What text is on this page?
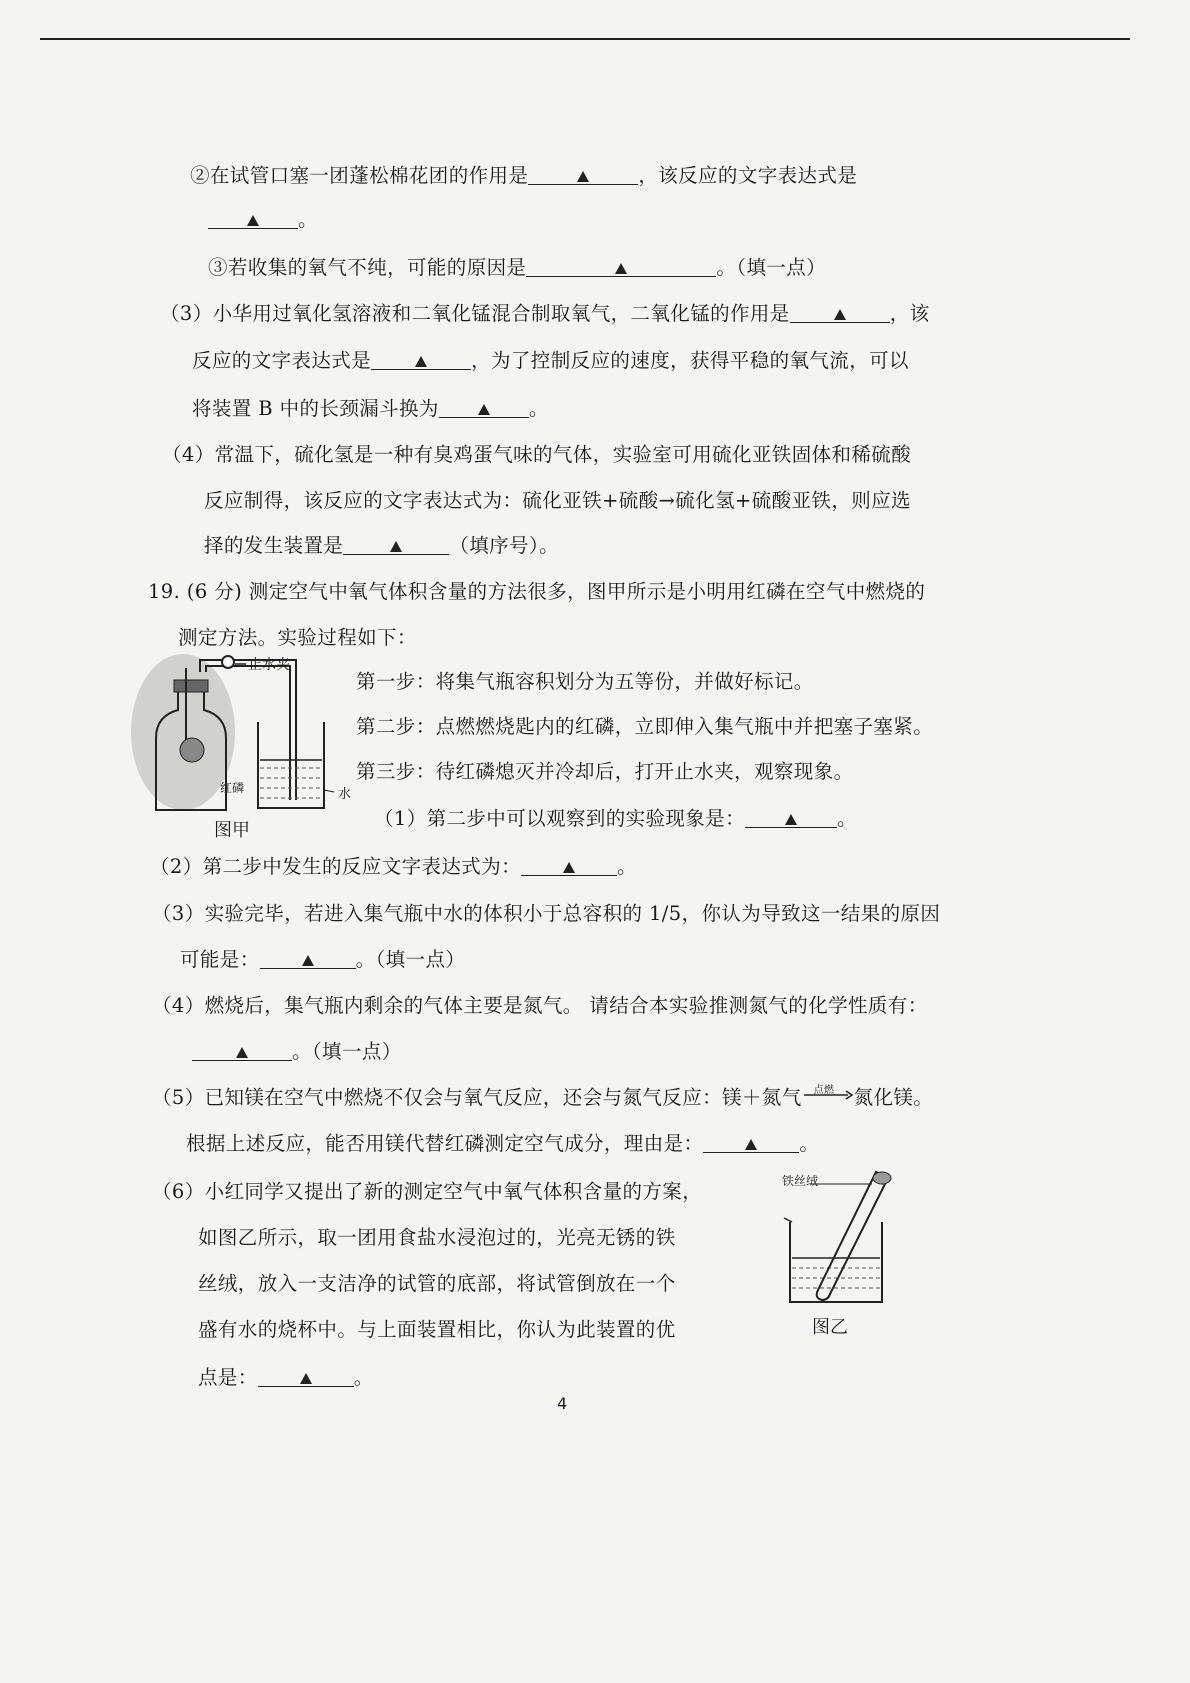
②在试管口塞一团蓬松棉花团的作用是	，该反应的文字表达式是
。
③若收集的氧气不纯，可能的原因是	。（填一点）
（3）小华用过氧化氢溶液和二氧化锰混合制取氧气，二氧化锰的作用是	，该
反应的文字表达式是	，为了控制反应的速度，获得平稳的氧气流，可以
将装置 B 中的长颈漏斗换为	。
（4）常温下，硫化氢是一种有臭鸡蛋气味的气体，实验室可用硫化亚铁固体和稀硫酸
反应制得，该反应的文字表达式为：硫化亚铁+硫酸→硫化氢+硫酸亚铁，则应选
择的发生装置是	（填序号）。
19. (6 分) 测定空气中氧气体积含量的方法很多，图甲所示是小明用红磷在空气中燃烧的
测定方法。实验过程如下：
止水夹
红磷	水
图甲
第一步：将集气瓶容积划分为五等份，并做好标记。
第二步：点燃燃烧匙内的红磷，立即伸入集气瓶中并把塞子塞紧。
第三步：待红磷熄灭并冷却后，打开止水夹，观察现象。
（1）第二步中可以观察到的实验现象是：	。
（2）第二步中发生的反应文字表达式为：	。
（3）实验完毕，若进入集气瓶中水的体积小于总容积的 1/5，你认为导致这一结果的原因
可能是：	。（填一点）
（4）燃烧后，集气瓶内剩余的气体主要是氮气。 请结合本实验推测氮气的化学性质有：
。（填一点）
（5）已知镁在空气中燃烧不仅会与氧气反应，还会与氮气反应：镁＋氮气 点燃 氮化镁。
根据上述反应，能否用镁代替红磷测定空气成分，理由是：	。
（6）小红同学又提出了新的测定空气中氧气体积含量的方案，
如图乙所示，取一团用食盐水浸泡过的，光亮无锈的铁
丝绒，放入一支洁净的试管的底部，将试管倒放在一个
盛有水的烧杯中。与上面装置相比，你认为此装置的优
点是：	。
铁丝绒
图乙
4
